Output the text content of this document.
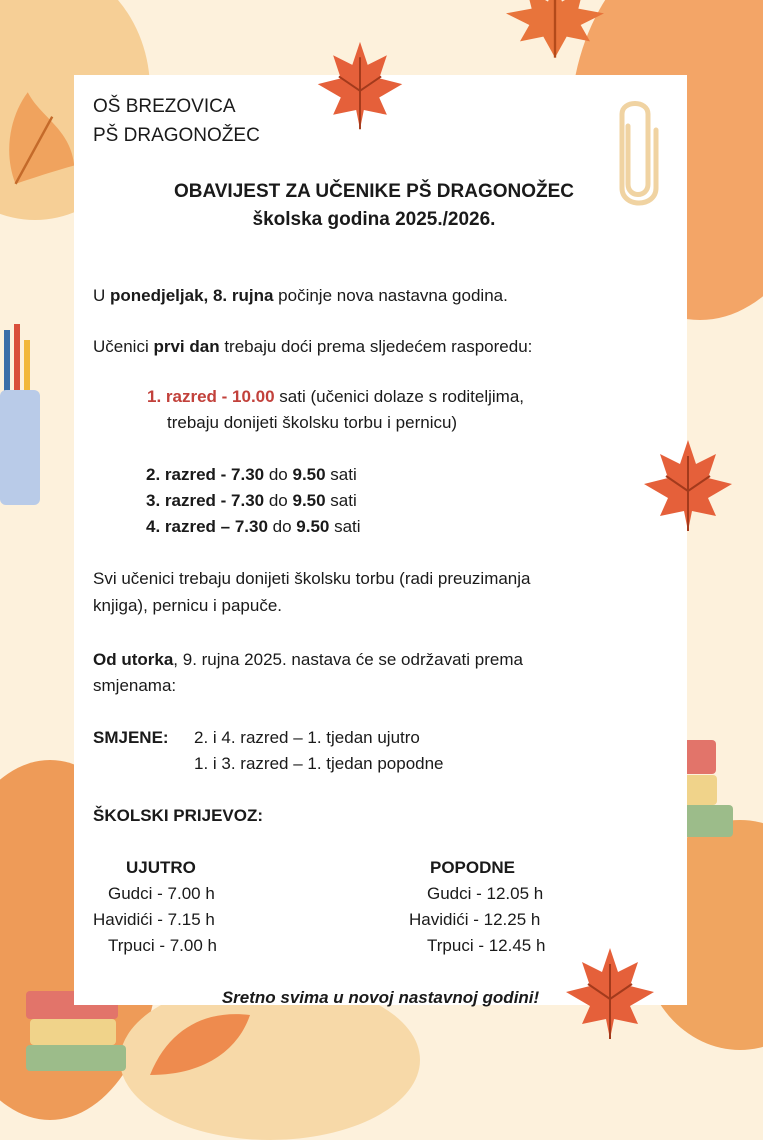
OŠ BREZOVICA
PŠ DRAGONOŽEC
OBAVIJEST ZA UČENIKE PŠ DRAGONOŽEC
školska godina 2025./2026.
U ponedjeljak, 8. rujna počinje nova nastavna godina.
Učenici prvi dan trebaju doći prema sljedećem rasporedu:
1. razred - 10.00 sati (učenici dolaze s roditeljima,
trebaju donijeti školsku torbu i pernicu)
2. razred - 7.30 do 9.50 sati
3. razred - 7.30 do 9.50 sati
4. razred – 7.30 do 9.50 sati
Svi učenici trebaju donijeti školsku torbu (radi preuzimanja
knjiga), pernicu i papuče.
Od utorka, 9. rujna 2025. nastava će se održavati prema
smjenama:
SMJENE: 2. i 4. razred – 1. tjedan ujutro
1. i 3. razred – 1. tjedan popodne
ŠKOLSKI PRIJEVOZ:
UJUTRO	POPODNE
Gudci - 7.00 h
Havidići - 7.15 h
Trpuci - 7.00 h
Gudci - 12.05 h
Havidići - 12.25 h
Trpuci - 12.45 h
Sretno svima u novoj nastavnoj godini!
